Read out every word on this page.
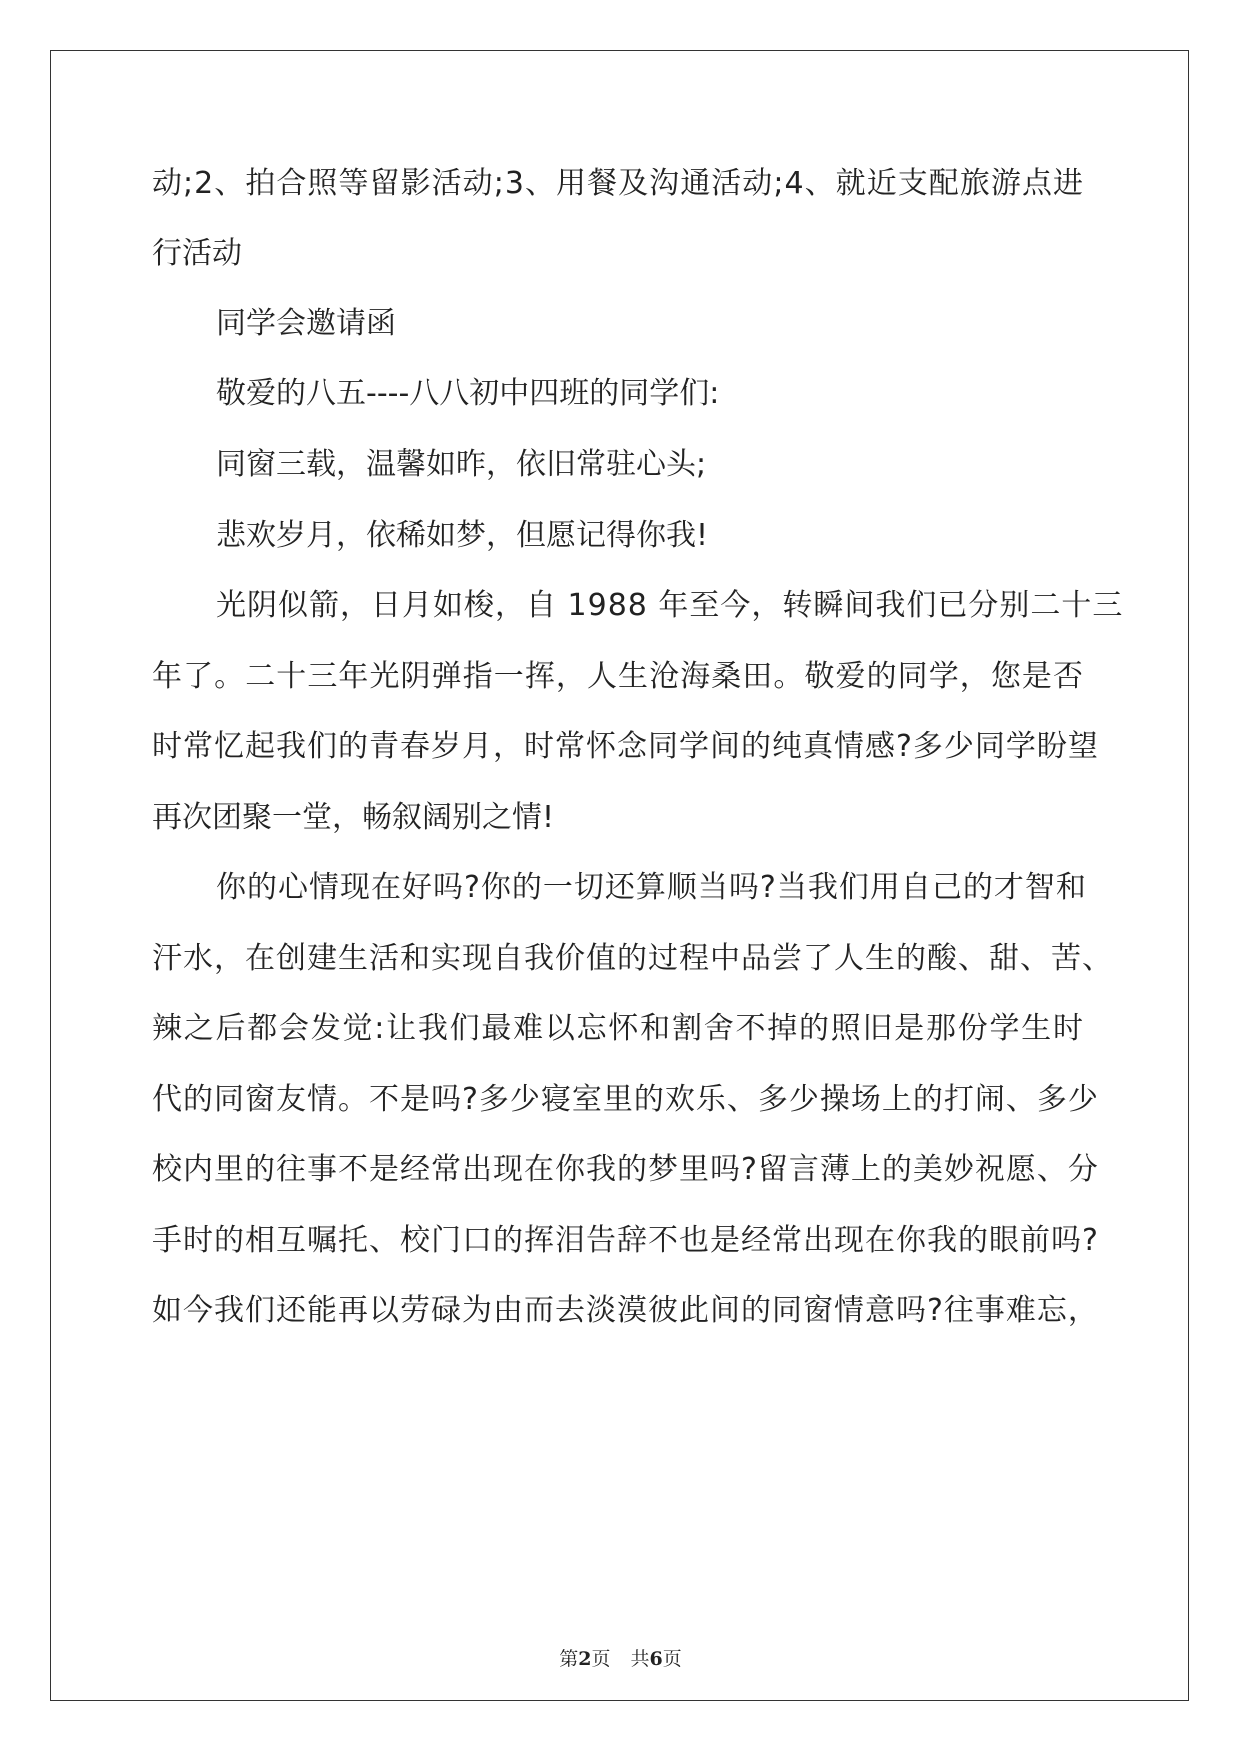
动;2、拍合照等留影活动;3、用餐及沟通活动;4、就近支配旅游点进
行活动
同学会邀请函
敬爱的八五----八八初中四班的同学们:
同窗三载，温馨如昨，依旧常驻心头;
悲欢岁月，依稀如梦，但愿记得你我!
光阴似箭，日月如梭，自 1988 年至今，转瞬间我们已分别二十三
年了。二十三年光阴弹指一挥，人生沧海桑田。敬爱的同学，您是否
时常忆起我们的青春岁月，时常怀念同学间的纯真情感?多少同学盼望
再次团聚一堂，畅叙阔别之情!
你的心情现在好吗?你的一切还算顺当吗?当我们用自己的才智和
汗水，在创建生活和实现自我价值的过程中品尝了人生的酸、甜、苦、
辣之后都会发觉:让我们最难以忘怀和割舍不掉的照旧是那份学生时
代的同窗友情。不是吗?多少寝室里的欢乐、多少操场上的打闹、多少
校内里的往事不是经常出现在你我的梦里吗?留言薄上的美妙祝愿、分
手时的相互嘱托、校门口的挥泪告辞不也是经常出现在你我的眼前吗?
如今我们还能再以劳碌为由而去淡漠彼此间的同窗情意吗?往事难忘，
第2页 共6页
